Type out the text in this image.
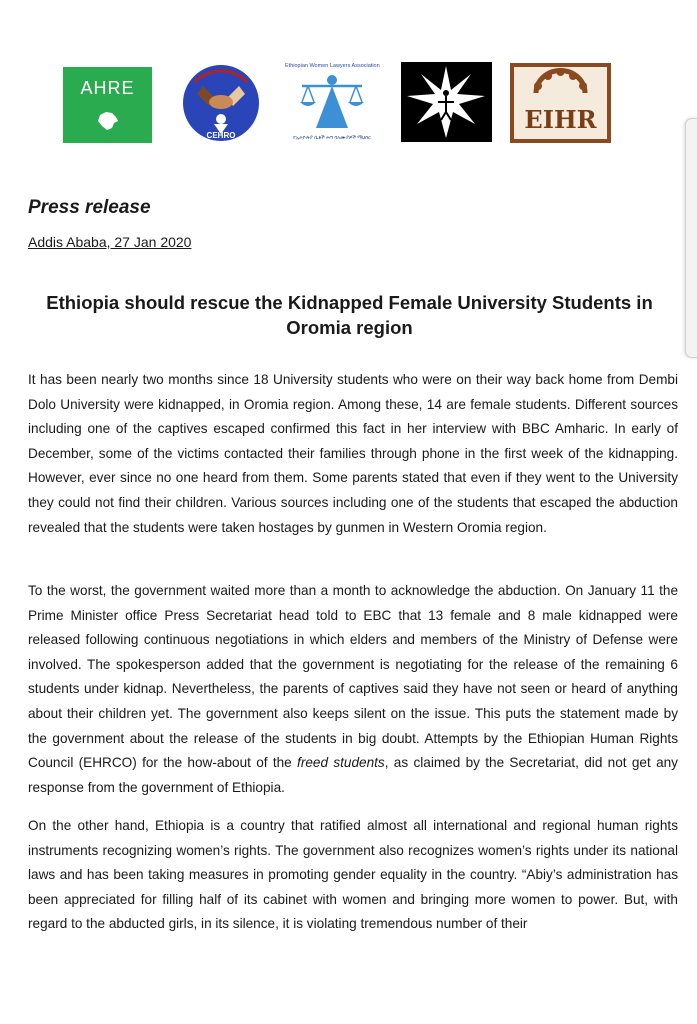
AHRE
CEHRO
Ethiopian Women Lawyers Association
የኢትዮጵያ ሴቶች ሕግ ባለሙያዎች ማህበር
EIHR
Press release

Addis Ababa, 27 Jan 2020

Ethiopia should rescue the Kidnapped Female University Students in Oromia region

It has been nearly two months since 18 University students who were on their way back home from Dembi Dolo University were kidnapped, in Oromia region. Among these, 14 are female students. Different sources including one of the captives escaped confirmed this fact in her interview with BBC Amharic. In early of December, some of the victims contacted their families through phone in the first week of the kidnapping. However, ever since no one heard from them. Some parents stated that even if they went to the University they could not find their children. Various sources including one of the students that escaped the abduction revealed that the students were taken hostages by gunmen in Western Oromia region.

To the worst, the government waited more than a month to acknowledge the abduction. On January 11 the Prime Minister office Press Secretariat head told to EBC that 13 female and 8 male kidnapped were released following continuous negotiations in which elders and members of the Ministry of Defense were involved. The spokesperson added that the government is negotiating for the release of the remaining 6 students under kidnap. Nevertheless, the parents of captives said they have not seen or heard of anything about their children yet. The government also keeps silent on the issue. This puts the statement made by the government about the release of the students in big doubt. Attempts by the Ethiopian Human Rights Council (EHRCO) for the how-about of the freed students, as claimed by the Secretariat, did not get any response from the government of Ethiopia.

On the other hand, Ethiopia is a country that ratified almost all international and regional human rights instruments recognizing women’s rights. The government also recognizes women’s rights under its national laws and has been taking measures in promoting gender equality in the country. “Abiy’s administration has been appreciated for filling half of its cabinet with women and bringing more women to power. But, with regard to the abducted girls, in its silence, it is violating tremendous number of their
